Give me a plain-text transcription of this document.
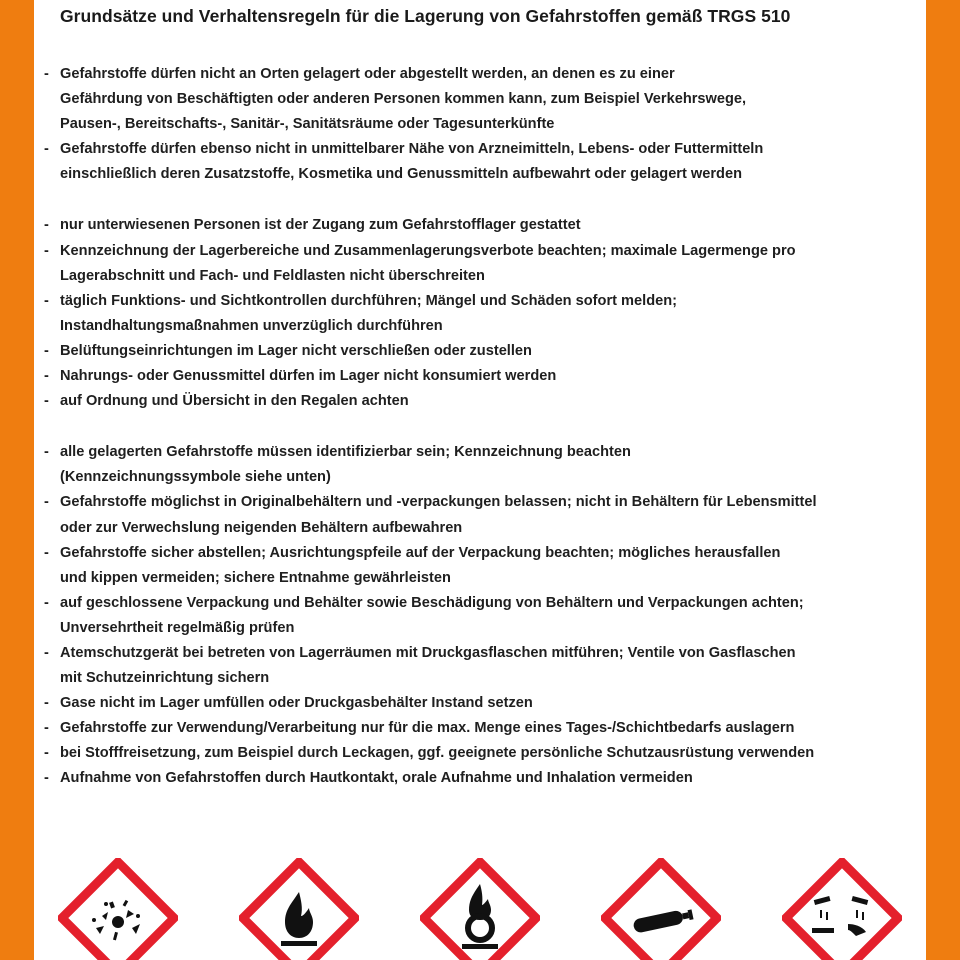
Grundsätze und Verhaltensregeln für die Lagerung von Gefahrstoffen gemäß TRGS 510
- Gefahrstoffe dürfen nicht an Orten gelagert oder abgestellt werden, an denen es zu einer
Gefährdung von Beschäftigten oder anderen Personen kommen kann, zum Beispiel Verkehrswege,
Pausen-, Bereitschafts-, Sanitär-, Sanitätsräume oder Tagesunterkünfte
- Gefahrstoffe dürfen ebenso nicht in unmittelbarer Nähe von Arzneimitteln, Lebens- oder Futtermitteln
einschließlich deren Zusatzstoffe, Kosmetika und Genussmitteln aufbewahrt oder gelagert werden
- nur unterwiesenen Personen ist der Zugang zum Gefahrstofflager gestattet
- Kennzeichnung der Lagerbereiche und Zusammenlagerungsverbote beachten; maximale Lagermenge pro
Lagerabschnitt und Fach- und Feldlasten nicht überschreiten
- täglich Funktions- und Sichtkontrollen durchführen; Mängel und Schäden sofort melden;
Instandhaltungsmaßnahmen unverzüglich durchführen
- Belüftungseinrichtungen im Lager nicht verschließen oder zustellen
- Nahrungs- oder Genussmittel dürfen im Lager nicht konsumiert werden
- auf Ordnung und Übersicht in den Regalen achten
- alle gelagerten Gefahrstoffe müssen identifizierbar sein; Kennzeichnung beachten
(Kennzeichnungssymbole siehe unten)
- Gefahrstoffe möglichst in Originalbehältern und -verpackungen belassen; nicht in Behältern für Lebensmittel
oder zur Verwechslung neigenden Behältern aufbewahren
- Gefahrstoffe sicher abstellen; Ausrichtungspfeile auf der Verpackung beachten; mögliches herausfallen
und kippen vermeiden; sichere Entnahme gewährleisten
- auf geschlossene Verpackung und Behälter sowie Beschädigung von Behältern und Verpackungen achten;
Unversehrtheit regelmäßig prüfen
- Atemschutzgerät bei betreten von Lagerräumen mit Druckgasflaschen mitführen; Ventile von Gasflaschen
mit Schutzeinrichtung sichern
- Gase nicht im Lager umfüllen oder Druckgasbehälter Instand setzen
- Gefahrstoffe zur Verwendung/Verarbeitung nur für die max. Menge eines Tages-/Schichtbedarfs auslagern
- bei Stofffreisetzung, zum Beispiel durch Leckagen, ggf. geeignete persönliche Schutzausrüstung verwenden
- Aufnahme von Gefahrstoffen durch Hautkontakt, orale Aufnahme und Inhalation vermeiden
